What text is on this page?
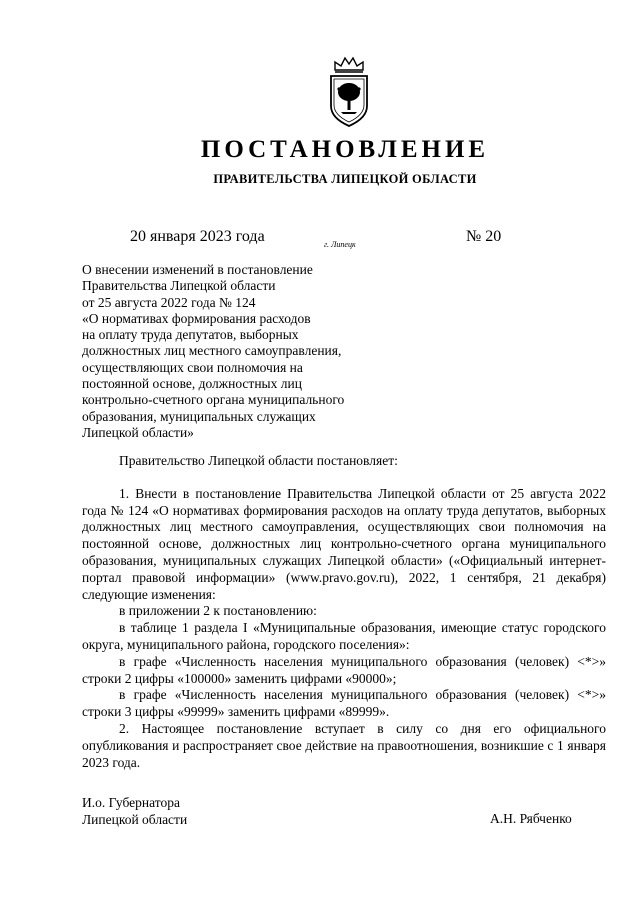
ПОСТАНОВЛЕНИЕ
ПРАВИТЕЛЬСТВА ЛИПЕЦКОЙ ОБЛАСТИ
20 января 2023 года	г. Липецк	№ 20
О внесении изменений в постановление
Правительства Липецкой области
от 25 августа 2022 года № 124
«О нормативах формирования расходов
на оплату труда депутатов, выборных
должностных лиц местного самоуправления,
осуществляющих свои полномочия на
постоянной основе, должностных лиц
контрольно-счетного органа муниципального
образования, муниципальных служащих
Липецкой области»

Правительство Липецкой области постановляет:

1. Внести в постановление Правительства Липецкой области от 25 августа 2022 года № 124 «О нормативах формирования расходов на оплату труда депутатов, выборных должностных лиц местного самоуправления, осуществляющих свои полномочия на постоянной основе, должностных лиц контрольно-счетного органа муниципального образования, муниципальных служащих Липецкой области» («Официальный интернет-портал правовой информации» (www.pravo.gov.ru), 2022, 1 сентября, 21 декабря) следующие изменения:

в приложении 2 к постановлению:

в таблице 1 раздела I «Муниципальные образования, имеющие статус городского округа, муниципального района, городского поселения»:

в графе «Численность населения муниципального образования (человек) <*>» строки 2 цифры «100000» заменить цифрами «90000»;

в графе «Численность населения муниципального образования (человек) <*>» строки 3 цифры «99999» заменить цифрами «89999».

2. Настоящее постановление вступает в силу со дня его официального опубликования и распространяет свое действие на правоотношения, возникшие с 1 января 2023 года.

И.о. Губернатора
Липецкой области	А.Н. Рябченко
